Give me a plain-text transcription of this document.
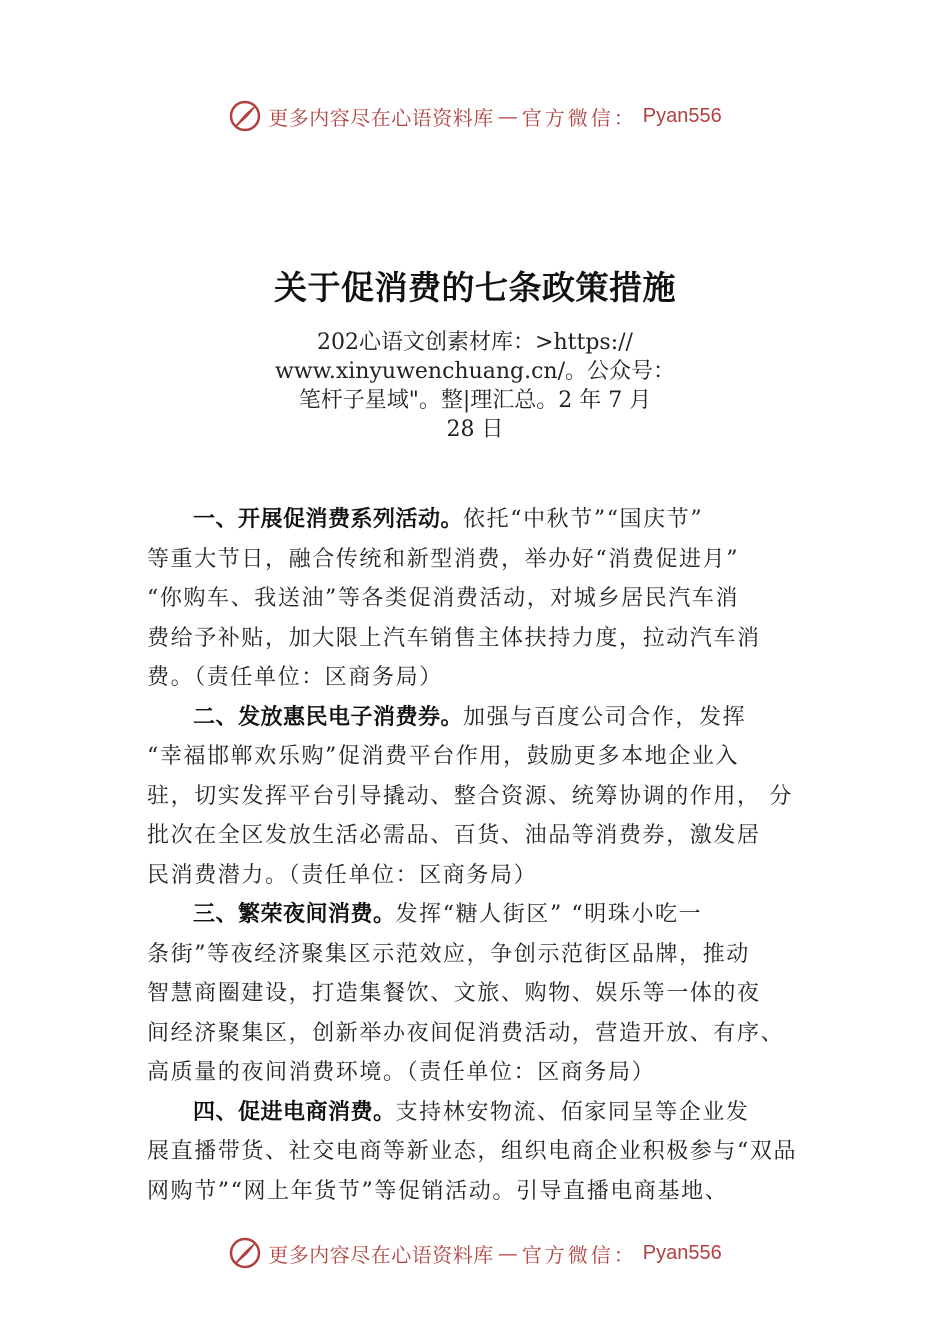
更多内容尽在心语资料库 — 官方微信： Pyan556
关于促消费的七条政策措施
202心语文创素材库：>https://
www.xinyuwenchuang.cn/。公众号：
笔杆子星域"。整|理汇总。2 年 7 月
28 日

一、开展促消费系列活动。依托“中秋节”“国庆节”
等重大节日，融合传统和新型消费，举办好“消费促进月”
“你购车、我送油”等各类促消费活动，对城乡居民汽车消
费给予补贴，加大限上汽车销售主体扶持力度，拉动汽车消
费。（责任单位：区商务局）

二、发放惠民电子消费券。加强与百度公司合作，发挥
“幸福邯郸欢乐购”促消费平台作用，鼓励更多本地企业入
驻，切实发挥平台引导撬动、整合资源、统筹协调的作用， 分
批次在全区发放生活必需品、百货、油品等消费券，激发居
民消费潜力。（责任单位：区商务局）

三、繁荣夜间消费。发挥“糖人街区” “明珠小吃一
条街”等夜经济聚集区示范效应，争创示范街区品牌，推动
智慧商圈建设，打造集餐饮、文旅、购物、娱乐等一体的夜
间经济聚集区，创新举办夜间促消费活动，营造开放、有序、
高质量的夜间消费环境。（责任单位：区商务局）

四、促进电商消费。支持林安物流、佰家同呈等企业发
展直播带货、社交电商等新业态，组织电商企业积极参与“双品
网购节”“网上年货节”等促销活动。引导直播电商基地、

更多内容尽在心语资料库 — 官方微信： Pyan556
